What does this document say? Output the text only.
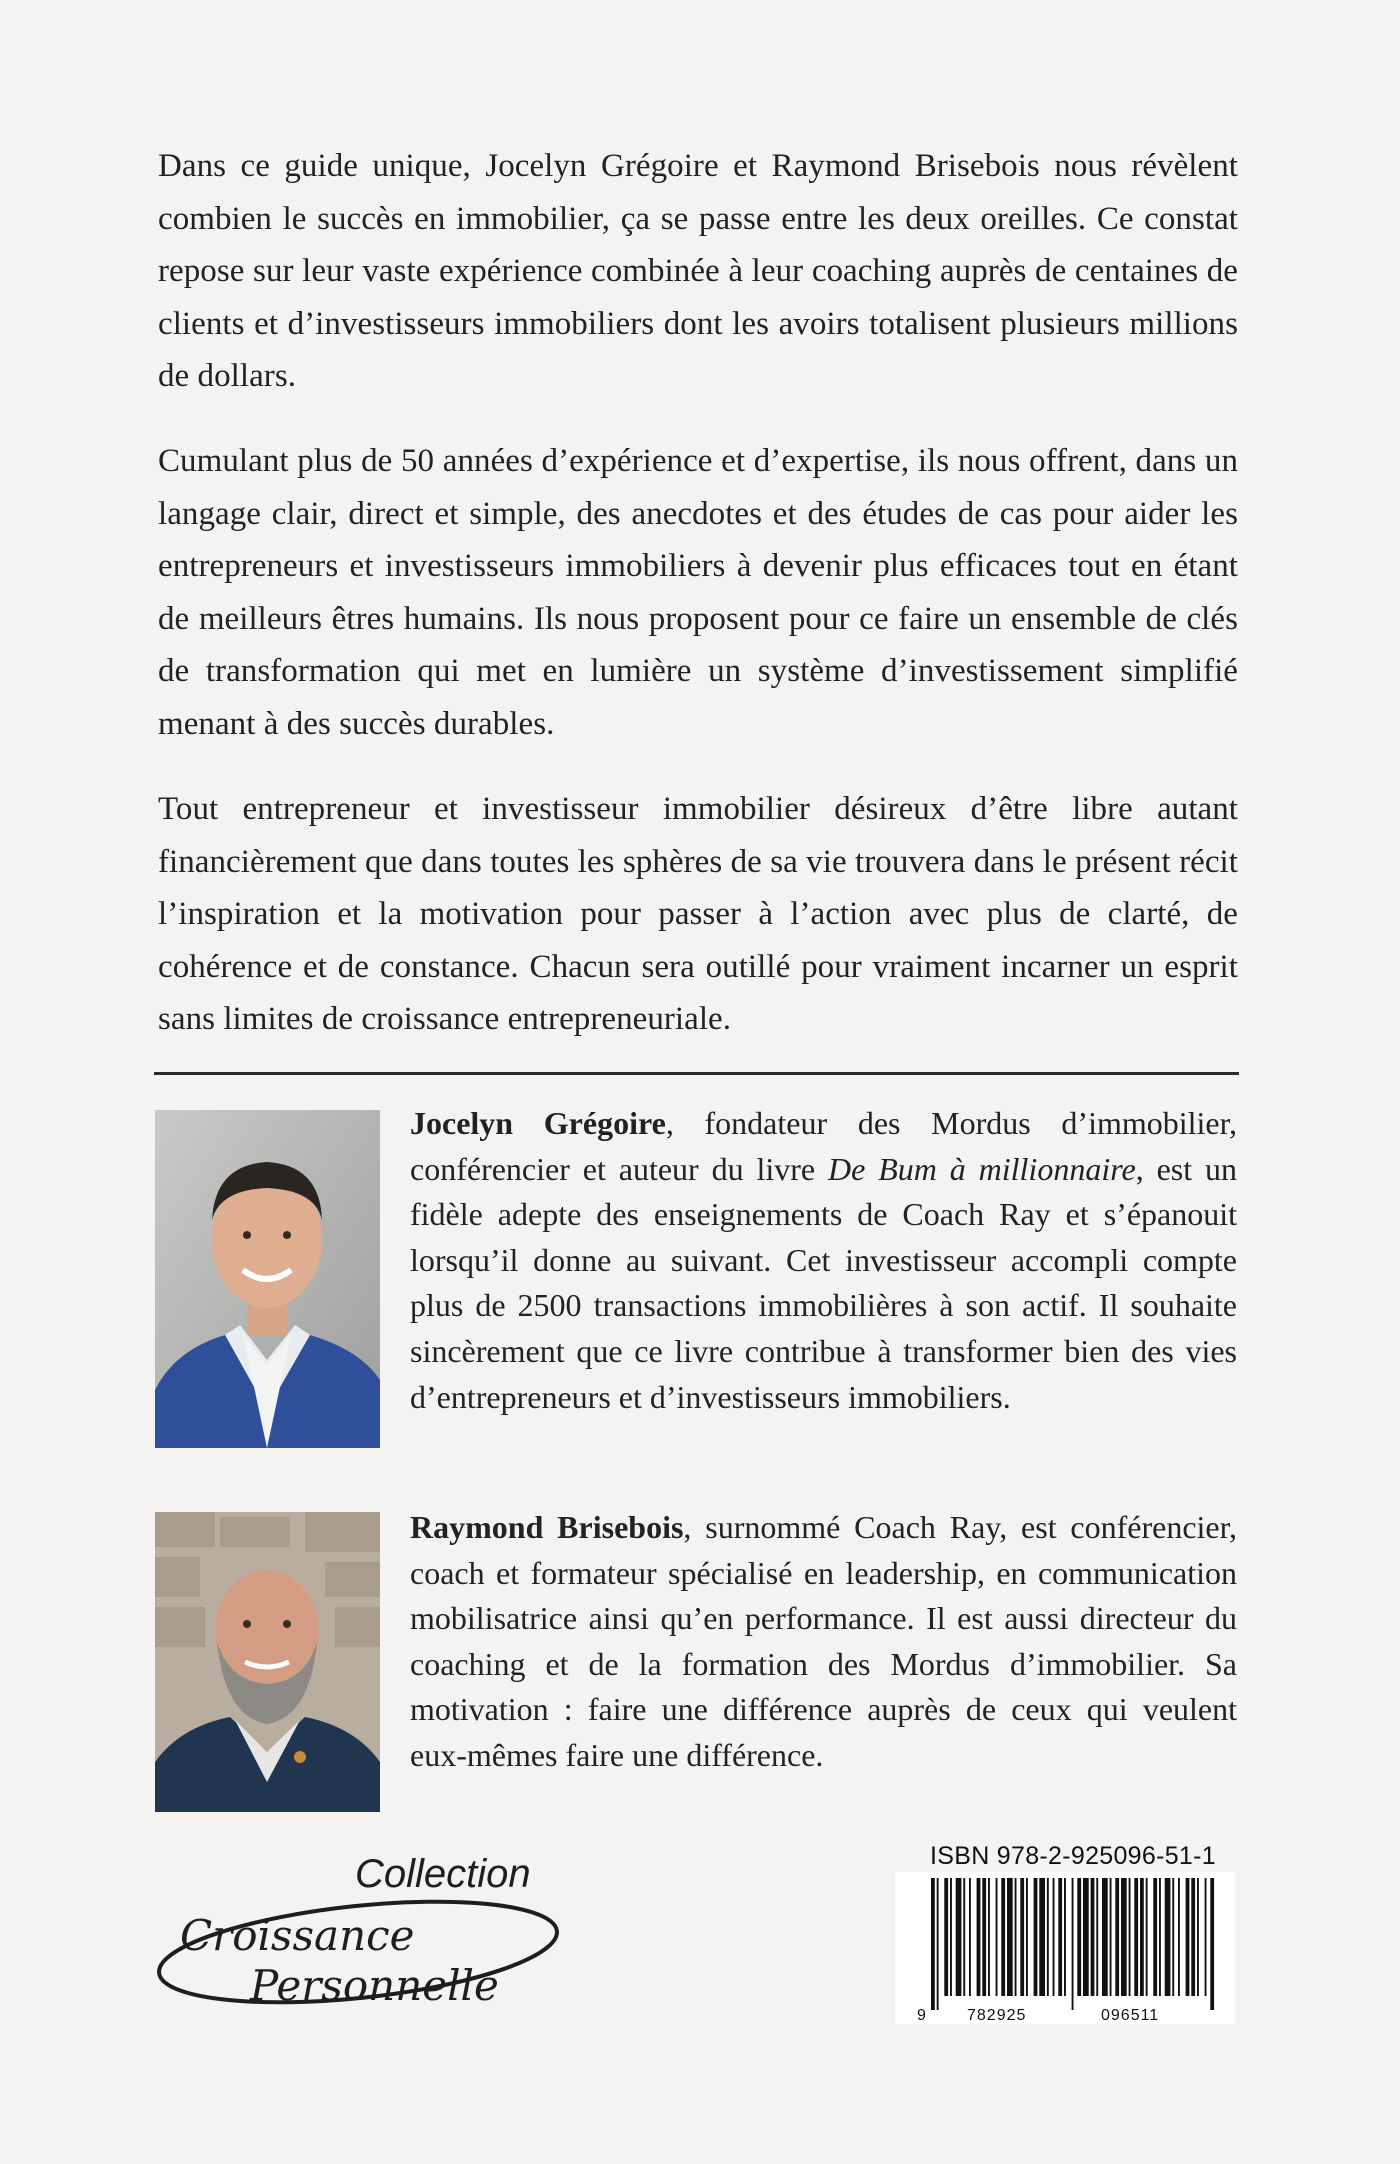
Dans ce guide unique, Jocelyn Grégoire et Raymond Brisebois nous révèlent combien le succès en immobilier, ça se passe entre les deux oreilles. Ce constat repose sur leur vaste expérience combinée à leur coaching auprès de centaines de clients et d’investisseurs immobiliers dont les avoirs totalisent plusieurs millions de dollars.

Cumulant plus de 50 années d’expérience et d’expertise, ils nous offrent, dans un langage clair, direct et simple, des anecdotes et des études de cas pour aider les entrepreneurs et investisseurs immobiliers à devenir plus efficaces tout en étant de meilleurs êtres humains. Ils nous proposent pour ce faire un ensemble de clés de transformation qui met en lumière un système d’investissement simplifié menant à des succès durables.

Tout entrepreneur et investisseur immobilier désireux d’être libre autant financièrement que dans toutes les sphères de sa vie trouvera dans le présent récit l’inspiration et la motivation pour passer à l’action avec plus de clarté, de cohérence et de constance. Chacun sera outillé pour vraiment incarner un esprit sans limites de croissance entrepreneuriale.

Jocelyn Grégoire, fondateur des Mordus d’immobilier, conférencier et auteur du livre De Bum à millionnaire, est un fidèle adepte des enseignements de Coach Ray et s’épanouit lorsqu’il donne au suivant. Cet investisseur accompli compte plus de 2500 transactions immobilières à son actif. Il souhaite sincèrement que ce livre contribue à transformer bien des vies d’entrepreneurs et d’investisseurs immobiliers.

Raymond Brisebois, surnommé Coach Ray, est conférencier, coach et formateur spécialisé en leadership, en communication mobilisatrice ainsi qu’en performance. Il est aussi directeur du coaching et de la formation des Mordus d’immobilier. Sa motivation : faire une différence auprès de ceux qui veulent eux-mêmes faire une différence.

Collection
Croissance
Personnelle
ISBN 978-2-925096-51-1
9	782925	096511
